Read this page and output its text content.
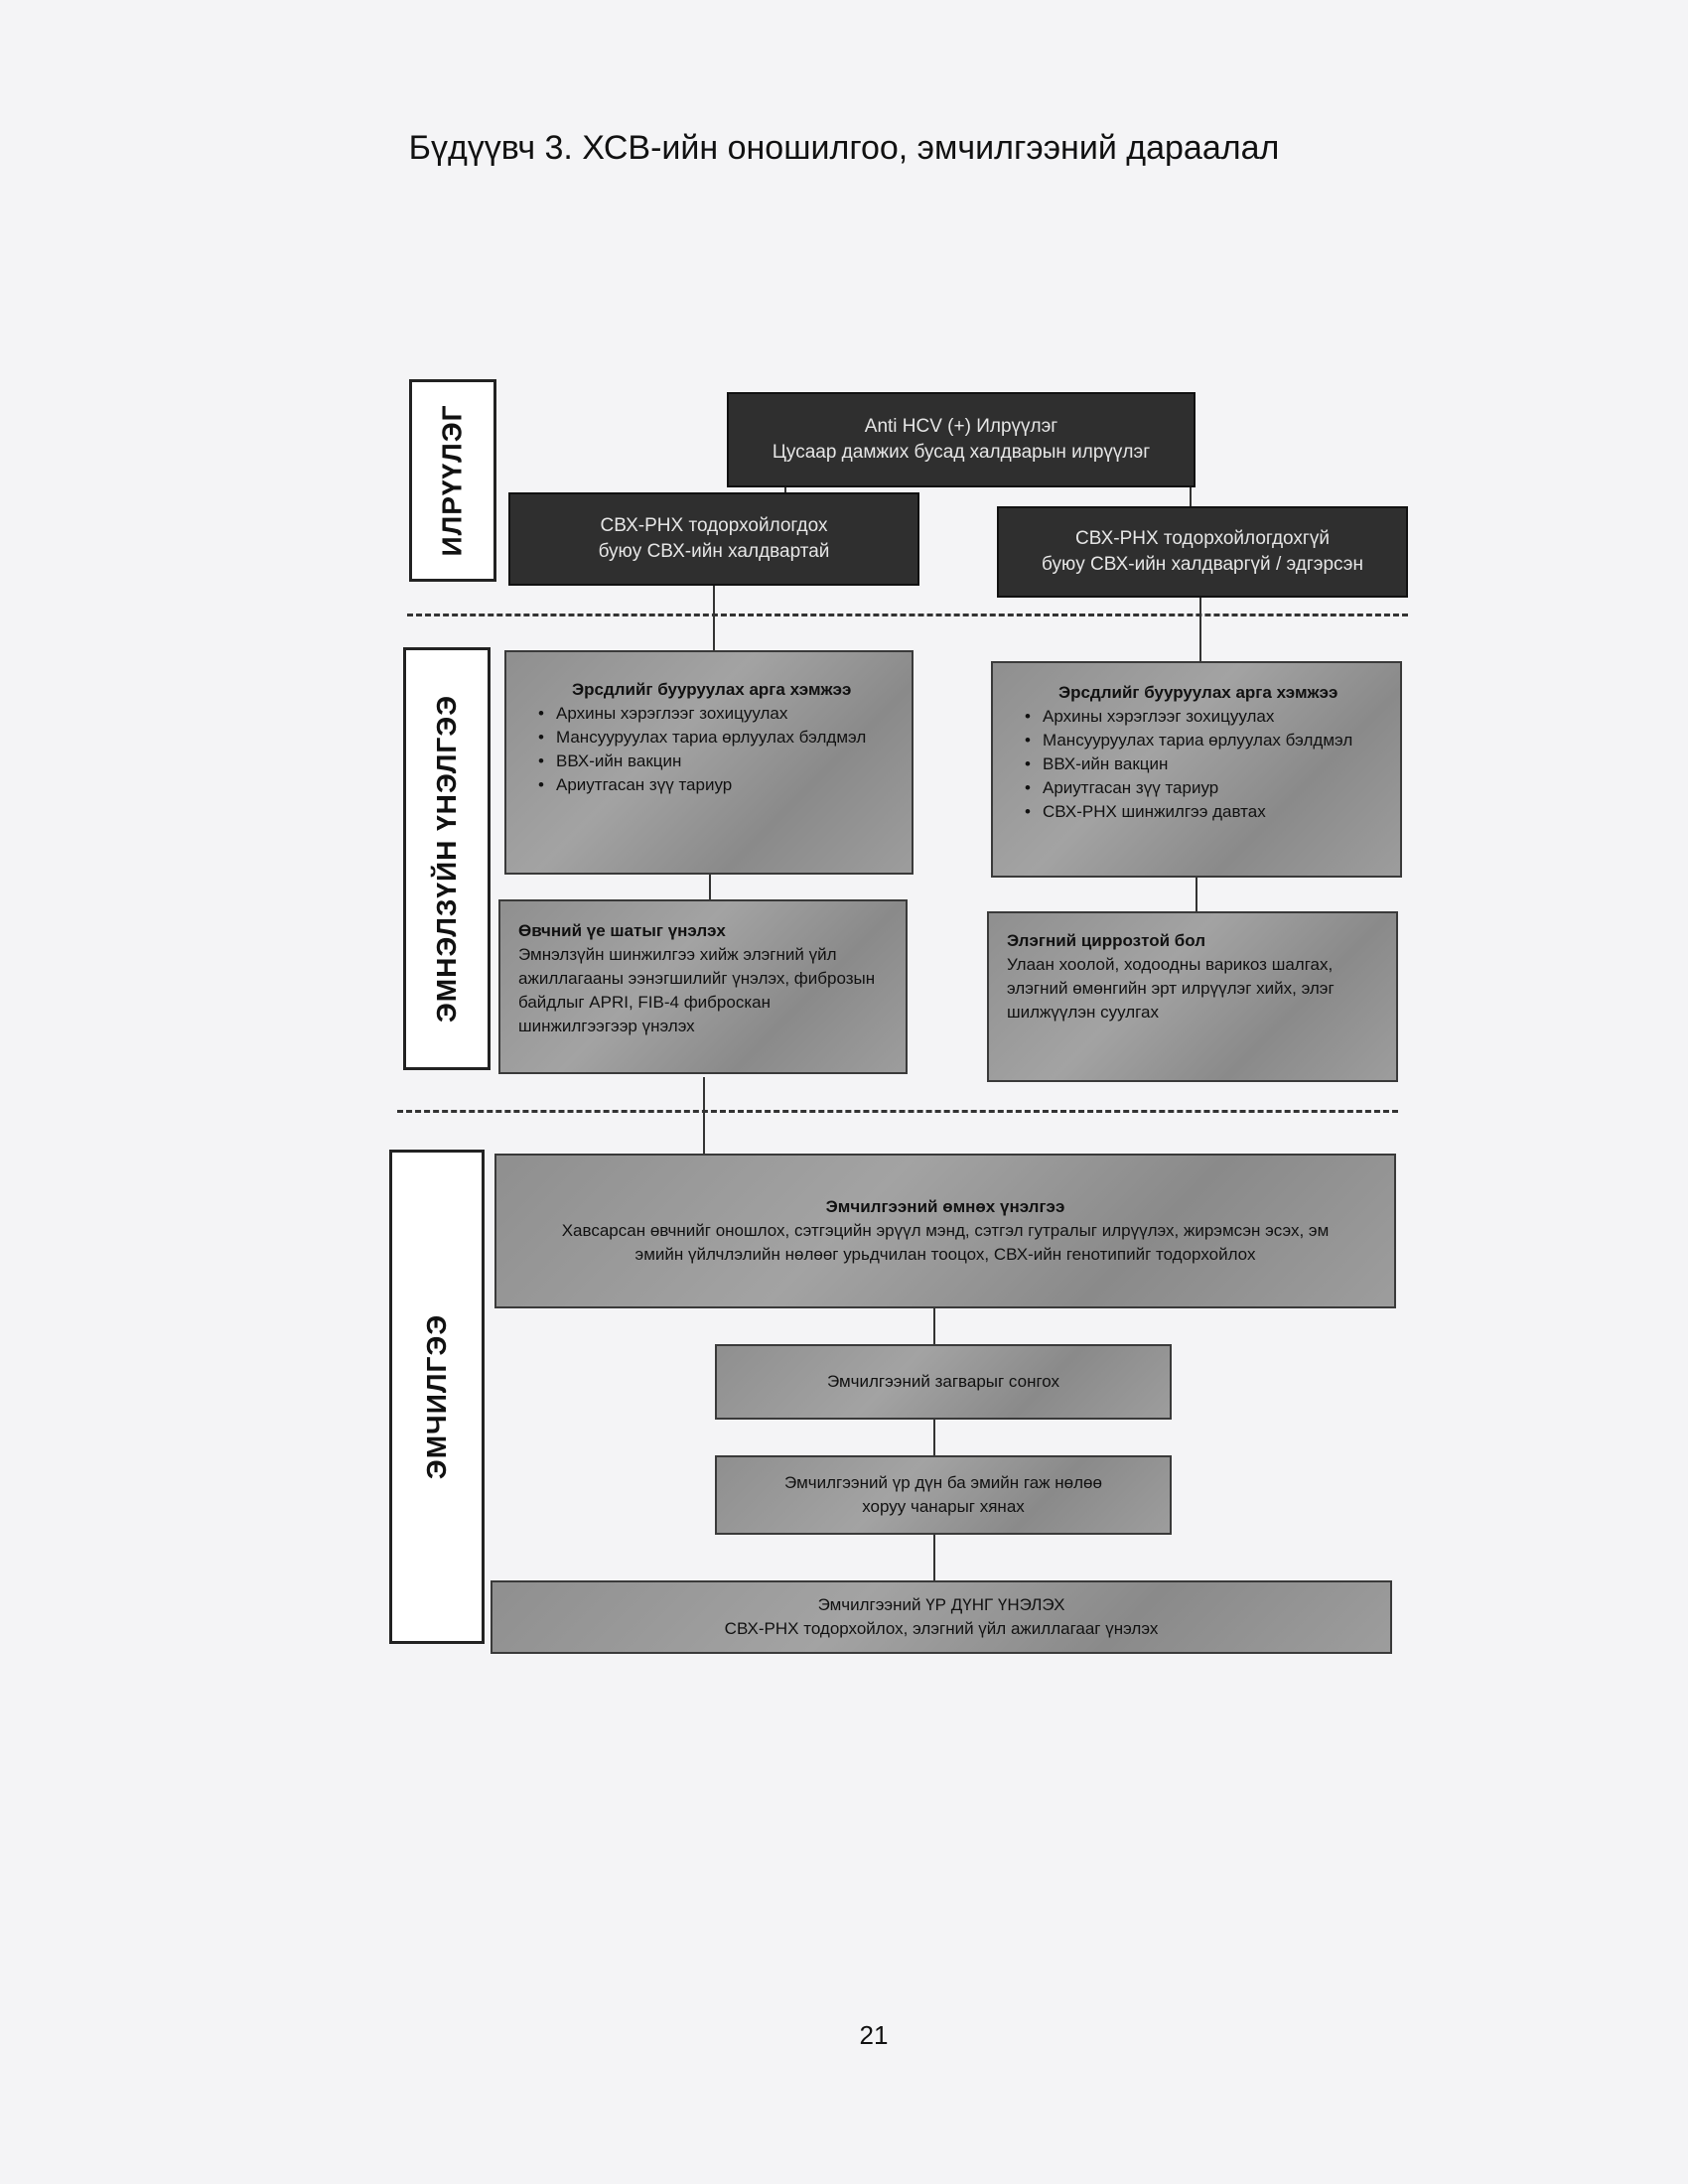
Бүдүүвч 3. ХСВ-ийн оношилгоо, эмчилгээний дараалал
ИЛРҮҮЛЭГ
ЭМНЭЛЗҮЙН ҮНЭЛГЭЭ
ЭМЧИЛГЭЭ
Anti HCV (+) Илрүүлэг
Цусаар дамжих бусад халдварын илрүүлэг
СВХ-РНХ тодорхойлогдох
буюу СВХ-ийн халдвартай
СВХ-РНХ тодорхойлогдохгүй
буюу СВХ-ийн халдваргүй / эдгэрсэн
Эрсдлийг бууруулах арга хэмжээ
• Архины хэрэглээг зохицуулах
• Мансууруулах тариа өрлуулах бэлдмэл
• ВВХ-ийн вакцин
• Ариутгасан зүү тариур
Эрсдлийг бууруулах арга хэмжээ
• Архины хэрэглээг зохицуулах
• Мансууруулах тариа өрлуулах бэлдмэл
• ВВХ-ийн вакцин
• Ариутгасан зүү тариур
• СВХ-РНХ шинжилгээ давтах
Өвчний үе шатыг үнэлэх
Эмнэлзүйн шинжилгээ хийж элэгний үйл ажиллагааны ээнэгшилийг үнэлэх, фиброзын байдлыг APRI, FIB-4 фиброскан шинжилгээгээр үнэлэх
Элэгний циррозтой бол
Улаан хоолой, ходоодны варикоз шалгах, элэгний өмөнгийн эрт илрүүлэг хийх, элэг шилжүүлэн суулгах
Эмчилгээний өмнөх үнэлгээ
Хавсарсан өвчнийг оношлох, сэтгэцийн эрүүл мэнд, сэтгэл гутралыг илрүүлэх, жирэмсэн эсэх, эм эмийн үйлчлэлийн нөлөөг урьдчилан тооцох, СВХ-ийн генотипийг тодорхойлох
Эмчилгээний загварыг сонгох
Эмчилгээний үр дүн ба эмийн гаж нөлөө
хоруу чанарыг хянах
Эмчилгээний ҮР ДҮНГ ҮНЭЛЭХ
СВХ-РНХ тодорхойлох, элэгний үйл ажиллагааг үнэлэх
21
